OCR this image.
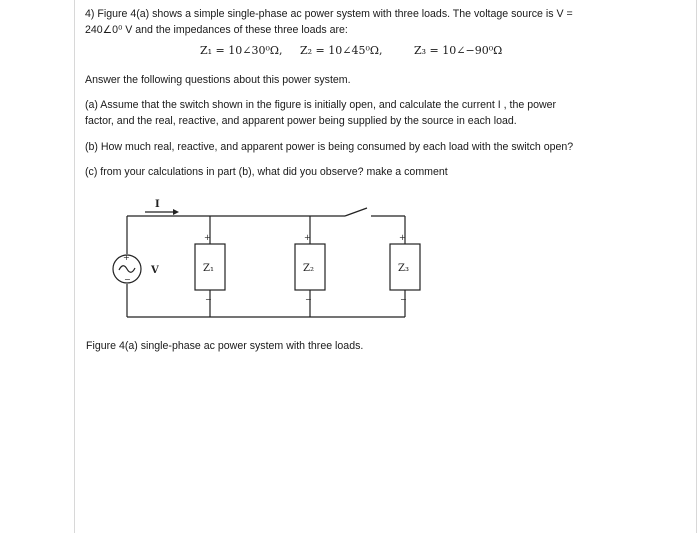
4) Figure 4(a) shows a simple single-phase ac power system with three loads. The voltage source is V =

240∠0⁰ V and the impedances of these three loads are:

Z₁ = 10∠30⁰Ω, Z₂ = 10∠45⁰Ω,	Z₃ = 10∠−90⁰Ω

Answer the following questions about this power system.

(a) Assume that the switch shown in the figure is initially open, and calculate the current I , the power

factor, and the real, reactive, and apparent power being supplied by the source in each load.

(b) How much real, reactive, and apparent power is being consumed by each load with the switch open?

(c) from your calculations in part (b), what did you observe? make a comment

I
V
+
−
+
−
+
−
+
−
Z₁	Z₂	Z₃
Figure 4(a) single-phase ac power system with three loads.
